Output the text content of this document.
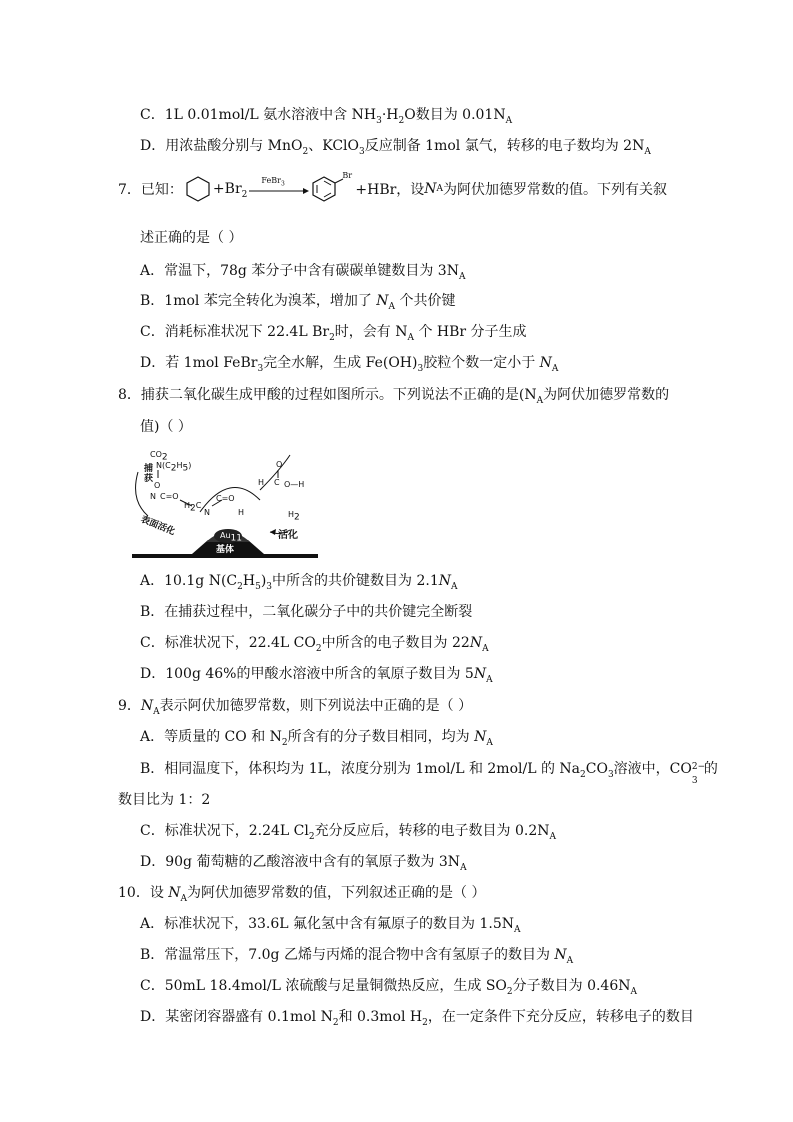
C．1L 0.01mol/L 氨水溶液中含 $NH_3\cdot H_2O$数目为 $0.01N_A$
D．用浓盐酸分别与 MnO$_2$、KClO$_3$反应制备 1mol 氯气，转移的电子数均为 $2N_A$
7．已知： $+Br_2$
FeBr$_3$
Br
+HBr，设 N A 为阿伏加德罗常数的值。下列有关叙
述正确的是（ ）
A．常温下，78g 苯分子中含有碳碳单键数目为 $3N_A$
B．1mol 苯完全转化为溴苯，增加了 $N_A$ 个共价键
C．消耗标准状况下 22.4L $Br_2$时，会有 $N_A$ 个 HBr 分子生成
D．若 1mol FeBr$_3$完全水解，生成 $Fe(OH)_3$胶粒个数一定小于 $N_A$
8．捕获二氧化碳生成甲酸的过程如图所示。下列说法不正确的是($N_A$为阿伏加德罗常数的
值)（ ）
$CO_2$
捕
获
$N(C_2H_5)$
O
N C=O
$H_2C$
N
C=O
H
表面活化	$Au_{11}$
基体
$H_2$
活化
H C
O
O—H
A．10.1g $N(C_2H_5)_3$中所含的共价键数目为 $2.1N_A$
B．在捕获过程中，二氧化碳分子中的共价键完全断裂
C．标准状况下，22.4L $CO_2$中所含的电子数目为 $22N_A$
D．100g 46%的甲酸水溶液中所含的氧原子数目为 $5N_A$
9．$N_A$表示阿伏加德罗常数，则下列说法中正确的是（ ）
A．等质量的 CO 和 $N_2$所含有的分子数目相同，均为 $N_A$
B．相同温度下，体积均为 1L，浓度分别为 1mol/L 和 2mol/L 的 $Na_2CO_3$溶液中，CO 2−
3
的
数目比为 1：2
C．标准状况下，2.24L $Cl_2$充分反应后，转移的电子数目为 $0.2N_A$
D．90g 葡萄糖的乙酸溶液中含有的氧原子数为 $3N_A$
10．设 $N_A$为阿伏加德罗常数的值，下列叙述正确的是（ ）
A．标准状况下，33.6L 氟化氢中含有氟原子的数目为 $1.5N_A$
B．常温常压下，7.0g 乙烯与丙烯的混合物中含有氢原子的数目为 $N_A$
C．50mL 18.4mol/L 浓硫酸与足量铜微热反应，生成 $SO_2$分子数目为 $0.46N_A$
D．某密闭容器盛有 0.1mol $N_2$和 0.3mol $H_2$，在一定条件下充分反应，转移电子的数目
